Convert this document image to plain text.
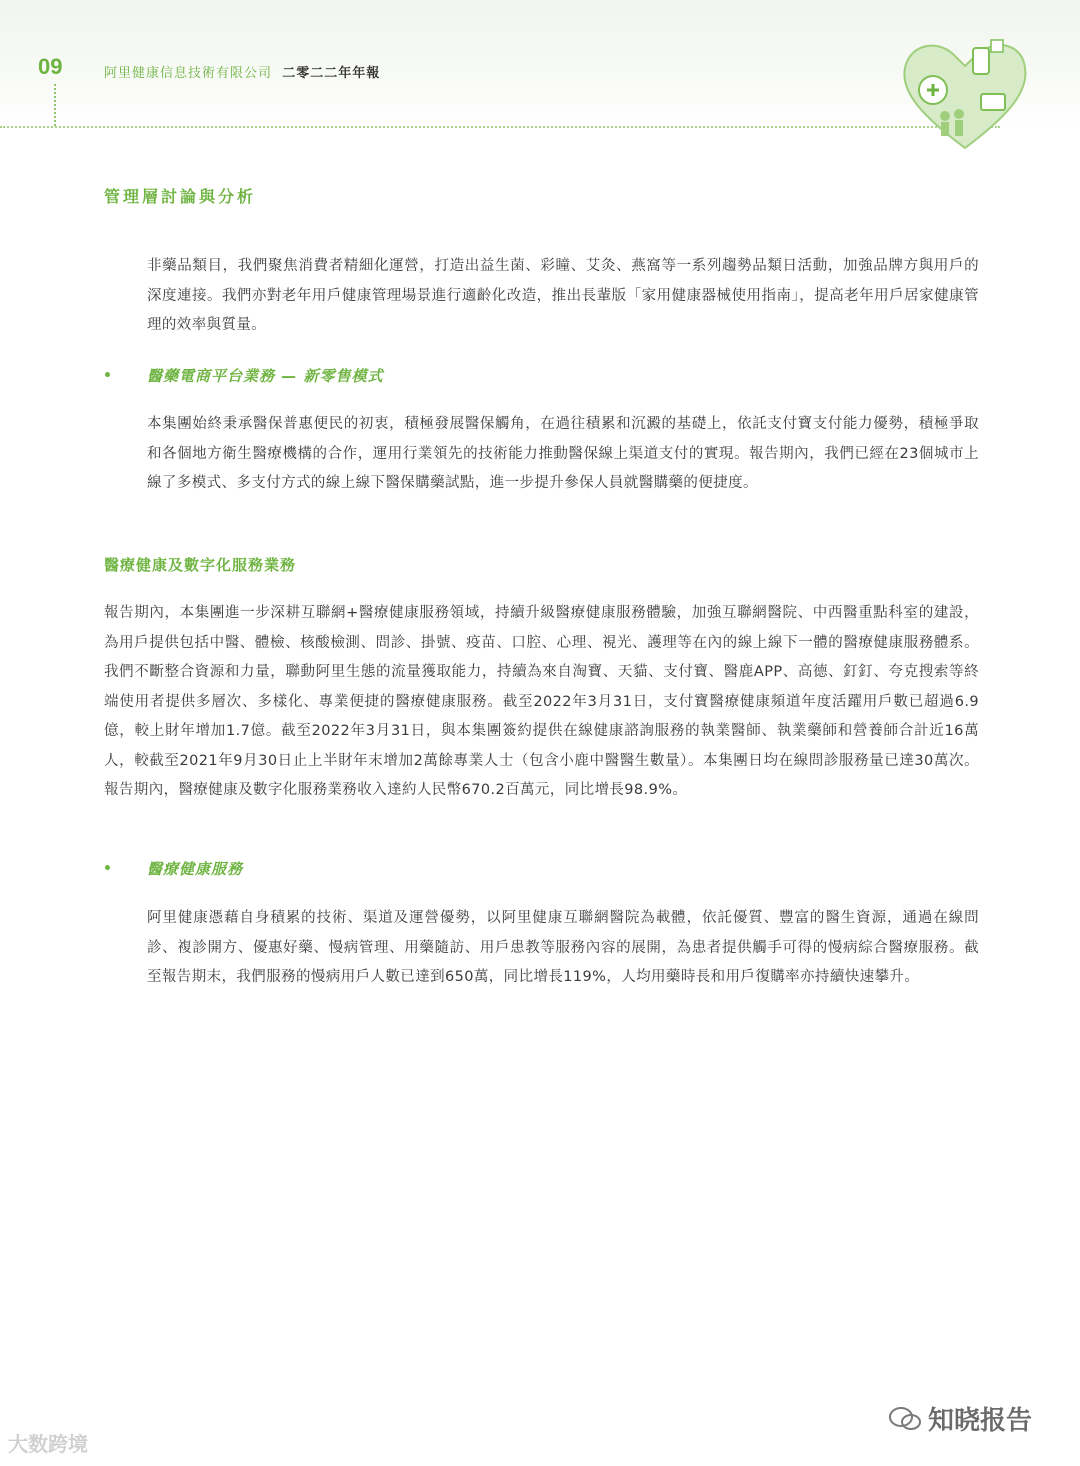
09	阿里健康信息技術有限公司 二零二二年年報
管理層討論與分析
非藥品類目，我們聚焦消費者精細化運營，打造出益生菌、彩瞳、艾灸、燕窩等一系列趨勢品類日活動，加強品牌方與用戶的深度連接。我們亦對老年用戶健康管理場景進行適齡化改造，推出長輩版「家用健康器械使用指南」，提高老年用戶居家健康管理的效率與質量。
• 醫藥電商平台業務 — 新零售模式
本集團始終秉承醫保普惠便民的初衷，積極發展醫保觸角，在過往積累和沉澱的基礎上，依託支付寶支付能力優勢，積極爭取和各個地方衛生醫療機構的合作，運用行業領先的技術能力推動醫保線上渠道支付的實現。報告期內，我們已經在23個城市上線了多模式、多支付方式的線上線下醫保購藥試點，進一步提升參保人員就醫購藥的便捷度。
醫療健康及數字化服務業務
報告期內，本集團進一步深耕互聯網+醫療健康服務領域，持續升級醫療健康服務體驗，加強互聯網醫院、中西醫重點科室的建設，為用戶提供包括中醫、體檢、核酸檢測、問診、掛號、疫苗、口腔、心理、視光、護理等在內的線上線下一體的醫療健康服務體系。我們不斷整合資源和力量，聯動阿里生態的流量獲取能力，持續為來自淘寶、天貓、支付寶、醫鹿APP、高德、釘釘、夸克搜索等終端使用者提供多層次、多樣化、專業便捷的醫療健康服務。截至2022年3月31日，支付寶醫療健康頻道年度活躍用戶數已超過6.9億，較上財年增加1.7億。截至2022年3月31日，與本集團簽約提供在線健康諮詢服務的執業醫師、執業藥師和營養師合計近16萬人，較截至2021年9月30日止上半財年末增加2萬餘專業人士（包含小鹿中醫醫生數量）。本集團日均在線問診服務量已達30萬次。報告期內，醫療健康及數字化服務業務收入達約人民幣670.2百萬元，同比增長98.9%。
• 醫療健康服務
阿里健康憑藉自身積累的技術、渠道及運營優勢，以阿里健康互聯網醫院為載體，依託優質、豐富的醫生資源，通過在線問診、複診開方、優惠好藥、慢病管理、用藥隨訪、用戶患教等服務內容的展開，為患者提供觸手可得的慢病綜合醫療服務。截至報告期末，我們服務的慢病用戶人數已達到650萬，同比增長119%，人均用藥時長和用戶復購率亦持續快速攀升。
大数跨境
知晓报告
